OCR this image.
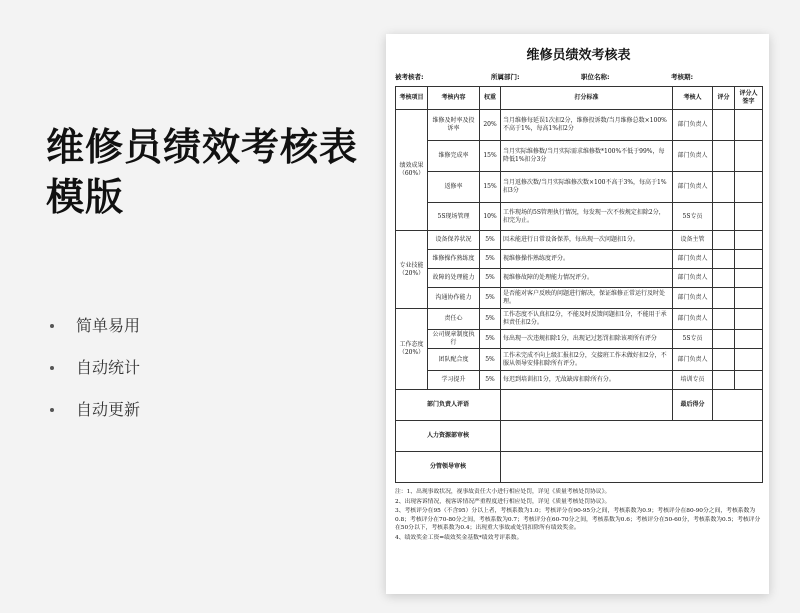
维修员绩效考核表模版
简单易用
自动统计
自动更新
维修员绩效考核表
被考核者:	所属部门:	职位名称:	考核期:
考核项目	考核内容	权重	打分标准	考核人	评分	评分人签字
绩效成果（60%）	维修及时率及投诉率	20%	当月维修每延误1次扣2分，维修投诉数/当月维修总数×100%不高于1%，每高1%扣2分	部门负责人		
	维修完成率	15%	当月实际维修数/当月实际需求维修数*100%不低于99%，每降低1%扣分3分	部门负责人		
	返修率	15%	当月返修次数/当月实际维修次数×100不高于3%，每高于1%扣3分	部门负责人		
	5S现场管理	10%	工作现场的5S管理执行情况，每发现一次不按规定扣除2分，扣完为止。	5S专员		
专业技能（20%）	设备保养状况	5%	因未能进行日常设备保养，每出现一次问题扣1分。	设备主管		
	维修操作熟练度	5%	视维修操作熟练度评分。	部门负责人		
	故障的处理能力	5%	视维修故障的处理能力情况评分。	部门负责人		
	沟通协作能力	5%	是否能对客户反映的问题进行解决，保证维修正常运行及时处理。	部门负责人		
工作态度（20%）	责任心	5%	工作态度不认真扣2分，不能及时反馈问题扣1分，不能用于承担责任扣2分。	部门负责人		
	公司规章制度执行	5%	每出现一次违规扣除1分，出现记过惩罚扣除该项所有评分	5S专员		
	团队配合度	5%	工作未完成不向上级汇报扣2分，交接班工作未做好扣2分，不服从领导安排扣除所有评分。	部门负责人		
	学习提升	5%	每迟到培训扣1分，无故缺席扣除所有分。	培训专员		
部门负责人评语				最后得分		
人力资源部审核						
分管领导审核						

注：1、出现事故状况，视事故责任大小进行相应处罚，详见《质量考核处罚协议》。

2、出现客诉情况，视客诉情况严重程度进行相应处罚，详见《质量考核处罚协议》。

3、考核评分在95（不含95）分以上者，考核系数为1.0；考核评分在90-95分之间，考核系数为0.9；考核评分在80-90分之间，考核系数为0.8；考核评分在70-80分之间，考核系数为0.7；考核评分在60-70分之间，考核系数为0.6；考核评分在50-60分，考核系数为0.5；考核评分在50分以下，考核系数为0.4；出现重大事故或处罚扣除所有绩效奖金。

4、绩效奖金工资=绩效奖金基数*绩效考评系数。
